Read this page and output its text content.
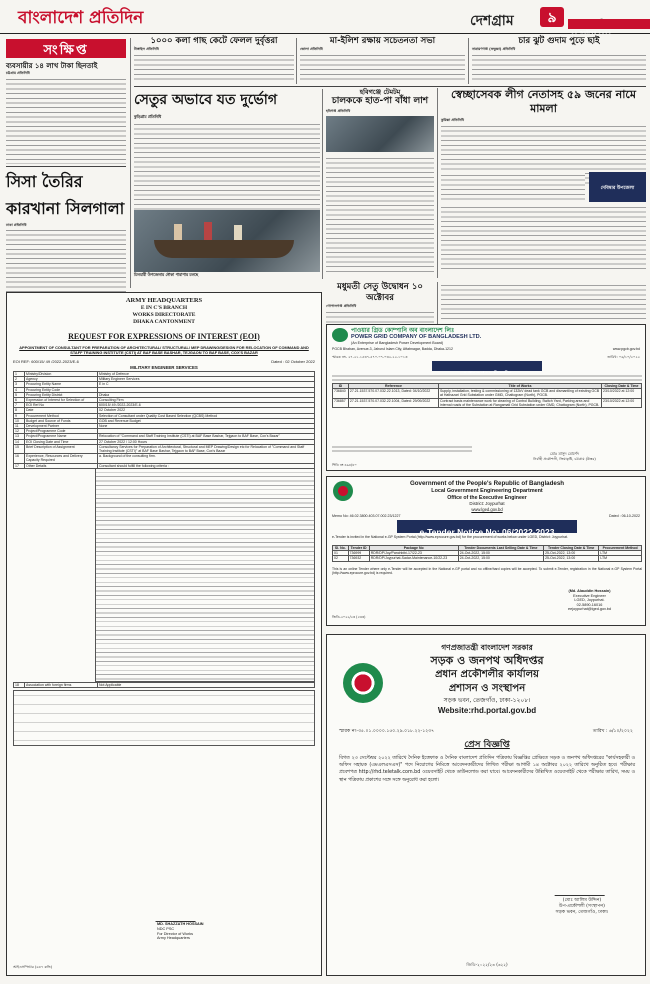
বাংলাদেশ প্রতিদিন	দেশগ্রাম	৯
২২ অক্টোবর ২০২২
সংক্ষিপ্ত
ব্যবসায়ীর ১৪ লাখ টাকা ছিনতাই
চট্টগ্রাম প্রতিনিধি
সিসা তৈরির কারখানা সিলগালা
ঢাকা প্রতিনিধি
১০০০ কলা গাছ কেটে ফেলল দুর্বৃত্তরা
টাঙ্গাইল প্রতিনিধি
মা-ইলিশ রক্ষায় সচেতনতা সভা
ভোলা প্রতিনিধি
চার ঝুট গুদাম পুড়ে ছাই
নারায়ণগঞ্জ (ফতুল্লা) প্রতিনিধি
সেতুর অভাবে যত দুর্ভোগ
কুড়িগ্রাম প্রতিনিধি
চিলমারী উপজেলার নৌকা পারাপার চলছে
হবিগঞ্জে টেমটম
চালককে হাত-পা বাঁধা লাশ
হবিগঞ্জ প্রতিনিধি
স্বেচ্ছাসেবক লীগ নেতাসহ ৫৯ জনের নামে মামলা
কুমিল্লা প্রতিনিধি
দেবিদ্বার উপজেলা
ARMY HEADQUARTERS
E IN C'S BRANCH
WORKS DIRECTORATE
DHAKA CANTONMENT
REQUEST FOR EXPRESSIONS OF INTEREST (EOI)
APPOINTMENT OF CONSULTANT FOR PREPARATION OF ARCHITECTURAL/ STRUCTURAL/ MEP DRAWING/DESIGN FOR RELOCATION OF COMMAND AND STAFF TRAINING INSTITUTE (CSTI) AT BAF BASE BASHAR, TEJGAON TO BAF BASE, COX'S BAZAR
EOI REF: 600/15/ 49 /2022-2023/E-6	Dated : 02 October 2022
MILITARY ENGINEER SERVICES
1	Ministry/Division	Ministry of Defence
2	Agency	Military Engineer Services
3	Procuring Entity Name	E in C
4	Procuring Entity Code	
5	Procuring Entity District	Dhaka
6	Expression of Interest for Selection of	Consulting Firm
7	EOI Ref No	600/15/ 49 /2022-2023/E-6
8	Date	02 October 2022
9	Procurement Method	Selection of Consultant under Quality Cost Based Selection (QCBS) Method
10	Budget and Source of Funds	GOB and Revenue Budget
11	Development Partner	None
12	Project/Programme Code	
13	Project/Programme Name	Relocation of "Command and Staff Training Institute (CSTI) at BAF Base Bashar, Tejgaon to BAF Base, Cox's Bazar"
14	EOI Closing Date and Time	27 October 2022 / 12:00 Hours
15	Brief Description of Assignment	Consultancy Services for Preparation of Architectural, Structural and MEP Drawing/Design etc for Relocation of "Command and Staff Training Institute (CSTI)" at BAF Base Bashar, Tejgaon to BAF Base, Cox's Bazar
16	Experience, Resources and Delivery Capacity Required	a. Background of the consulting firm.
17	Other Details	Consultant should fulfill the following criteria :
18	Association with foreign firms	Not Applicable
MD. SHAZZATH HOSSAIN
NDC PSC
For Director of Works
Army Headquarters
আইএসপিআর (৬৪৭ কভি)
মধুমতী সেতু উদ্বোধন ১০ অক্টোবর
গোপালগঞ্জ প্রতিনিধি
পাওয়ার গ্রিড কোম্পানি অব বাংলাদেশ লিঃ
POWER GRID COMPANY OF BANGLADESH LTD.
(An Enterprise of Bangladesh Power Development Board)
PGCB Bhaban, Avenue-3, Jahurul Islam City, Aftabnagar, Badda, Dhaka-1212	www.pgcb.gov.bd
স্মারক নং- ২৭.২১.১৫৩৭.৫৭০.০৭.০৩২.২২.১০১৩	তারিখ: ০৬/১০/২০২২
ID	Reference	Title of Works	Closing Date & Time
736840	27.21.1537.570.07.032.22.1013, Dated: 04/10/2022	Supply, installation, testing & commissioning of 132kV dead tank GCB and dismantling of existing GCB at Hathazari Grid Substation under GMD, Chattogram (North), PGCB.	23/10/2022 at 12:00
736857	27.21.1537.570.07.032.22.1004, Dated: 29/09/2022	Contract basis maintenance work for cleaning of Control Building, Switch Yard, Parking area and internal roads of the Substation at Rangamati Grid Substation under GMD, Chattogram (North), PGCB.	23/10/2022 at 12:00
মোঃ মাসুদ মোর্শেদ
নির্বাহী প্রকৌশলী, ক্রিয়াকৃষ্টি, চট্টগ্রাম (উত্তর)
পিডি নং ৪৯৪/৪০
Government of the People's Republic of Bangladesh
Local Government Engineering Department
Office of the Executive Engineer
District: Joypurhat
www.lged.gov.bd
Memo No: 46.02.3800.403.07.002.23/1227	Dated : 06-10-2022
e-Tender Notice No: 06/2022-2023
e-Tender is invited in the National e-GP System Portal (http://www.eprocure.gov.bd) for the procurement of works below under LGED, District: Joypurhat.
SI. No.	Tender ID	Package No	Tender Documents Last Selling Date & Time	Tender Closing Date & Time	Procurement Method
01	736999	RDR/DP/Joy/Panchbibi-17/22-23	24-Oct-2022, 15:00	25-Oct-2022, 13:00	LTM
02	736932	RDR/DP/Joypurhat-Sadar-Maintenance-10/22-23	24-Oct-2022, 15:00	25-Oct-2022, 13:00	LTM
This is an online Tender where only e-Tender will be accepted in the National e-GP portal and no offline/hard copies will be accepted. To submit e-Tender, registration in the National e-GP System Portal (http://www.eprocure.gov.bd) is required.
(Md. Alauddin Hossain)
Executive Engineer
LGED, Joypurhat.
02-5890-16016
eejoypurhat@lged.gov.bd
জিডি-২০২২/২৩ (২৩৩)
গণপ্রজাতন্ত্রী বাংলাদেশ সরকার
সড়ক ও জনপথ অধিদপ্তর
প্রধান প্রকৌশলীর কার্যালয়
প্রশাসন ও সংস্থাপন
সড়ক ভবন, তেজগাঁও, ঢাকা-১২০৮।
Website:rhd.portal.gov.bd
স্মারক নং-৩৫.০১.০০০০.১৫০.২৯.০১৮.২২-১২৩৭	তারিখ : ৬/১০/২০২২
প্রেস বিজ্ঞপ্তি
বিগত ২৩ সেপ্টেম্বর ২০২২ তারিখে দৈনিক ইত্তেফাক ও দৈনিক বাংলাদেশ প্রতিদিন পত্রিকায় বিজ্ঞপ্তির প্রেক্ষিতে সড়ক ও জনপথ অধিদপ্তরের "কার্যসহকারী ও অফিস সহায়ক (এমএলএসএস)" পদে নিয়োগের নিমিত্তে আবেদনকারীদের লিখিত পরীক্ষা আগামী ১৪ অক্টোবর ২০২২ তারিখে অনুষ্ঠিত হবে। পরীক্ষার প্রবেশপত্র http://rhd.teletalk.com.bd ওয়েবসাইট থেকে ডাউনলোড করা যাবে। আবেদনকারীদের উল্লিখিত ওয়েবসাইট থেকে পরীক্ষার তারিখ, সময় ও স্থান পত্রিকায় প্রকাশের সঙ্গে সঙ্গে অনুরোধ করা হলো।
(মোঃ আলিম উদ্দিন)
উপ-প্রকৌশলী (সংস্থাপন)
সড়ক ভবন, তেজগাঁও, ঢাকা।
জিডি-২০২২/২৩ (৩২২)
